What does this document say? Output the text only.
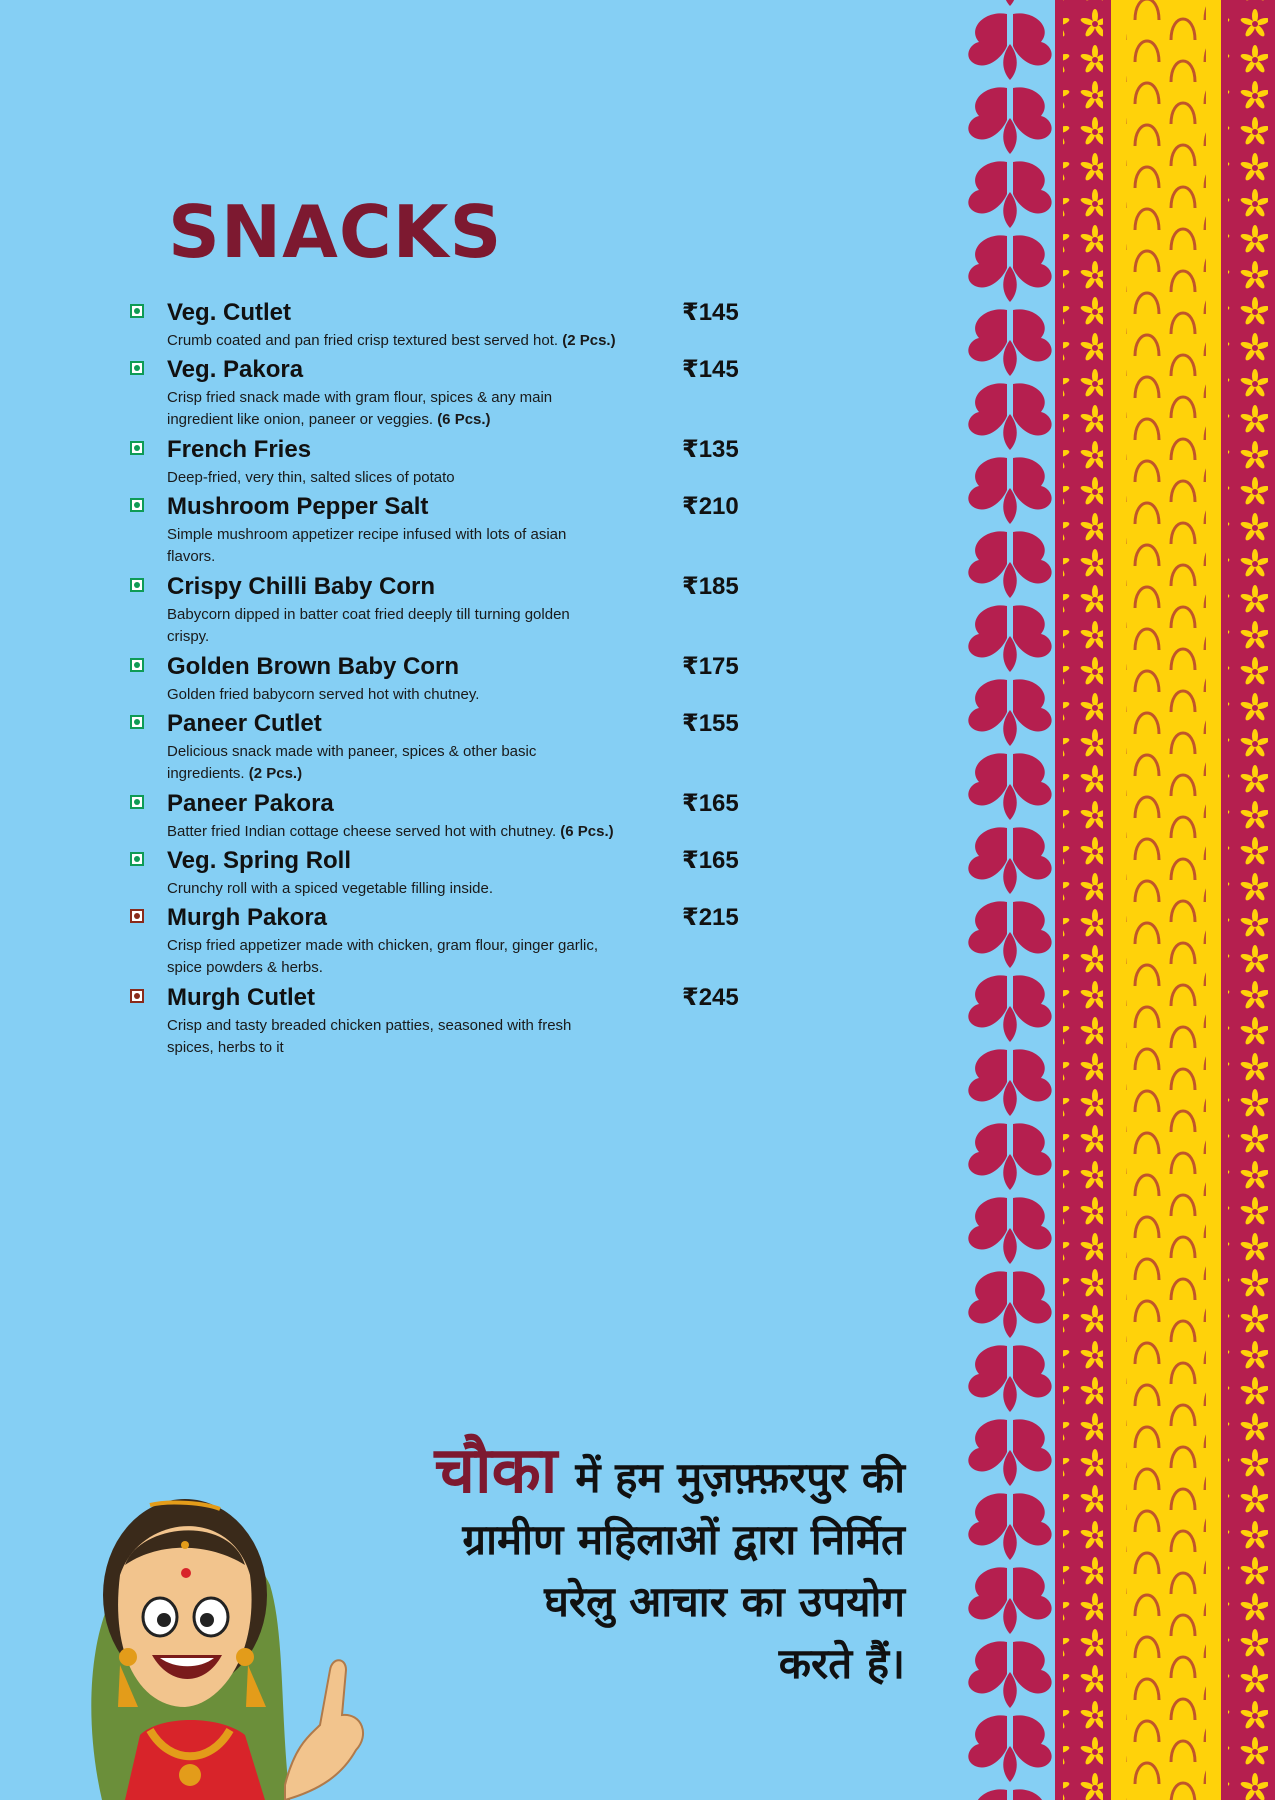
SNACKS
Veg. Cutlet	₹145
Crumb coated and pan fried crisp textured best served hot. (2 Pcs.)
Veg. Pakora	₹145
Crisp fried snack made with gram flour, spices & any main ingredient like onion, paneer or veggies. (6 Pcs.)
French Fries	₹135
Deep-fried, very thin, salted slices of potato
Mushroom Pepper Salt	₹210
Simple mushroom appetizer recipe infused with lots of asian flavors.
Crispy Chilli Baby Corn	₹185
Babycorn dipped in batter coat fried deeply till turning golden crispy.
Golden Brown Baby Corn	₹175
Golden fried babycorn served hot with chutney.
Paneer Cutlet	₹155
Delicious snack made with paneer, spices & other basic ingredients. (2 Pcs.)
Paneer Pakora	₹165
Batter fried Indian cottage cheese served hot with chutney. (6 Pcs.)
Veg. Spring Roll	₹165
Crunchy roll with a spiced vegetable filling inside.
Murgh Pakora	₹215
Crisp fried appetizer made with chicken, gram flour, ginger garlic, spice powders & herbs.
Murgh Cutlet	₹245
Crisp and tasty breaded chicken patties, seasoned with fresh spices, herbs to it
चौका में हम मुज़फ़्फ़रपुर की
ग्रामीण महिलाओं द्वारा निर्मित
घरेलु आचार का उपयोग
करते हैं।
